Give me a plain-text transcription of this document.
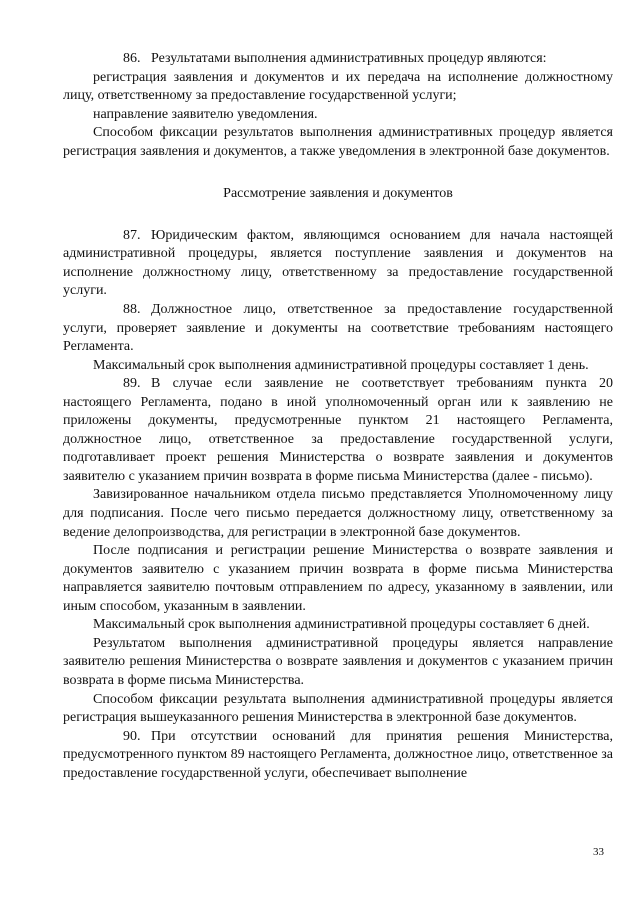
86. Результатами выполнения административных процедур являются:

регистрация заявления и документов и их передача на исполнение должностному лицу, ответственному за предоставление государственной услуги;

направление заявителю уведомления.

Способом фиксации результатов выполнения административных процедур является регистрация заявления и документов, а также уведомления в электронной базе документов.

Рассмотрение заявления и документов

87. Юридическим фактом, являющимся основанием для начала настоящей административной процедуры, является поступление заявления и документов на исполнение должностному лицу, ответственному за предоставление государственной услуги.

88. Должностное лицо, ответственное за предоставление государственной услуги, проверяет заявление и документы на соответствие требованиям настоящего Регламента.

Максимальный срок выполнения административной процедуры составляет 1 день.

89. В случае если заявление не соответствует требованиям пункта 20 настоящего Регламента, подано в иной уполномоченный орган или к заявлению не приложены документы, предусмотренные пунктом 21 настоящего Регламента, должностное лицо, ответственное за предоставление государственной услуги, подготавливает проект решения Министерства о возврате заявления и документов заявителю с указанием причин возврата в форме письма Министерства (далее - письмо).

Завизированное начальником отдела письмо представляется Уполномоченному лицу для подписания. После чего письмо передается должностному лицу, ответственному за ведение делопроизводства, для регистрации в электронной базе документов.

После подписания и регистрации решение Министерства о возврате заявления и документов заявителю с указанием причин возврата в форме письма Министерства направляется заявителю почтовым отправлением по адресу, указанному в заявлении, или иным способом, указанным в заявлении.

Максимальный срок выполнения административной процедуры составляет 6 дней.

Результатом выполнения административной процедуры является направление заявителю решения Министерства о возврате заявления и документов с указанием причин возврата в форме письма Министерства.

Способом фиксации результата выполнения административной процедуры является регистрация вышеуказанного решения Министерства в электронной базе документов.

90. При отсутствии оснований для принятия решения Министерства, предусмотренного пунктом 89 настоящего Регламента, должностное лицо, ответственное за предоставление государственной услуги, обеспечивает выполнение

33
